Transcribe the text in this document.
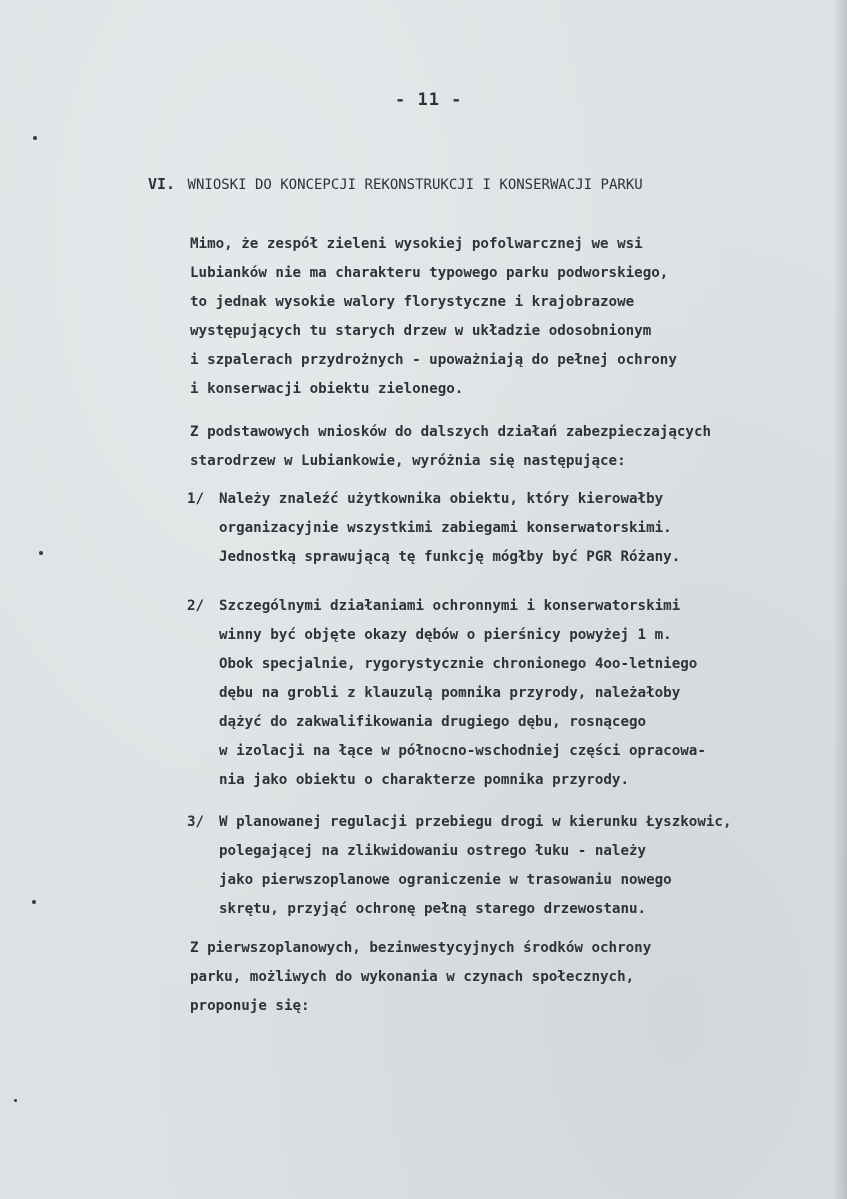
- 11 -
VI. WNIOSKI DO KONCEPCJI REKONSTRUKCJI I KONSERWACJI PARKU
Mimo, że zespół zieleni wysokiej pofolwarcznej we wsi
Lubianków nie ma charakteru typowego parku podworskiego,
to jednak wysokie walory florystyczne i krajobrazowe
występujących tu starych drzew w układzie odosobnionym
i szpalerach przydrożnych - upoważniają do pełnej ochrony
i konserwacji obiektu zielonego.
Z podstawowych wniosków do dalszych działań zabezpieczających
starodrzew w Lubiankowie, wyróżnia się następujące:
1/ Należy znaleźć użytkownika obiektu, który kierowałby
organizacyjnie wszystkimi zabiegami konserwatorskimi.
Jednostką sprawującą tę funkcję mógłby być PGR Różany.
2/ Szczególnymi działaniami ochronnymi i konserwatorskimi
winny być objęte okazy dębów o pierśnicy powyżej 1 m.
Obok specjalnie, rygorystycznie chronionego 4oo-letniego
dębu na grobli z klauzulą pomnika przyrody, należałoby
dążyć do zakwalifikowania drugiego dębu, rosnącego
w izolacji na łące w północno-wschodniej części opracowa-
nia jako obiektu o charakterze pomnika przyrody.
3/ W planowanej regulacji przebiegu drogi w kierunku Łyszkowic,
polegającej na zlikwidowaniu ostrego łuku - należy
jako pierwszoplanowe ograniczenie w trasowaniu nowego
skrętu, przyjąć ochronę pełną starego drzewostanu.
Z pierwszoplanowych, bezinwestycyjnych środków ochrony
parku, możliwych do wykonania w czynach społecznych,
proponuje się:
